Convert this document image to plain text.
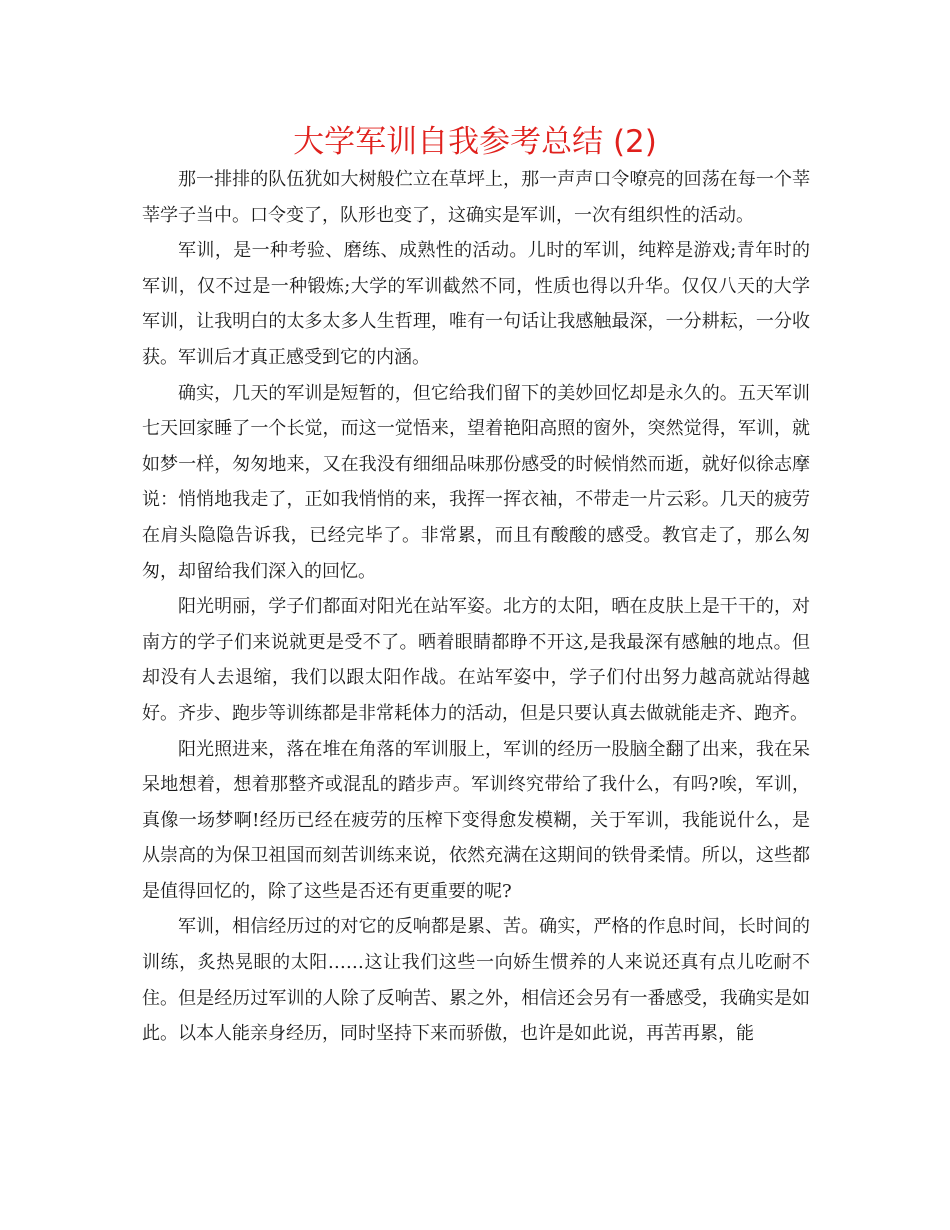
大学军训自我参考总结 (2)

那一排排的队伍犹如大树般伫立在草坪上，那一声声口令嘹亮的回荡在每一个莘莘学子当中。口令变了，队形也变了，这确实是军训，一次有组织性的活动。

军训，是一种考验、磨练、成熟性的活动。儿时的军训，纯粹是游戏;青年时的军训，仅不过是一种锻炼;大学的军训截然不同，性质也得以升华。仅仅八天的大学军训，让我明白的太多太多人生哲理，唯有一句话让我感触最深，一分耕耘，一分收获。军训后才真正感受到它的内涵。

确实，几天的军训是短暂的，但它给我们留下的美妙回忆却是永久的。五天军训七天回家睡了一个长觉，而这一觉悟来，望着艳阳高照的窗外，突然觉得，军训，就如梦一样，匆匆地来，又在我没有细细品味那份感受的时候悄然而逝，就好似徐志摩说：悄悄地我走了，正如我悄悄的来，我挥一挥衣袖，不带走一片云彩。几天的疲劳在肩头隐隐告诉我，已经完毕了。非常累，而且有酸酸的感受。教官走了，那么匆匆，却留给我们深入的回忆。

阳光明丽，学子们都面对阳光在站军姿。北方的太阳，晒在皮肤上是干干的，对南方的学子们来说就更是受不了。晒着眼睛都睁不开这,是我最深有感触的地点。但却没有人去退缩，我们以跟太阳作战。在站军姿中，学子们付出努力越高就站得越好。齐步、跑步等训练都是非常耗体力的活动，但是只要认真去做就能走齐、跑齐。

阳光照进来，落在堆在角落的军训服上，军训的经历一股脑全翻了出来，我在呆呆地想着，想着那整齐或混乱的踏步声。军训终究带给了我什么，有吗?唉，军训，真像一场梦啊!经历已经在疲劳的压榨下变得愈发模糊，关于军训，我能说什么，是从崇高的为保卫祖国而刻苦训练来说，依然充满在这期间的铁骨柔情。所以，这些都是值得回忆的，除了这些是否还有更重要的呢?

军训，相信经历过的对它的反响都是累、苦。确实，严格的作息时间，长时间的训练，炙热晃眼的太阳……这让我们这些一向娇生惯养的人来说还真有点儿吃耐不住。但是经历过军训的人除了反响苦、累之外，相信还会另有一番感受，我确实是如此。以本人能亲身经历，同时坚持下来而骄傲，也许是如此说，再苦再累，能
